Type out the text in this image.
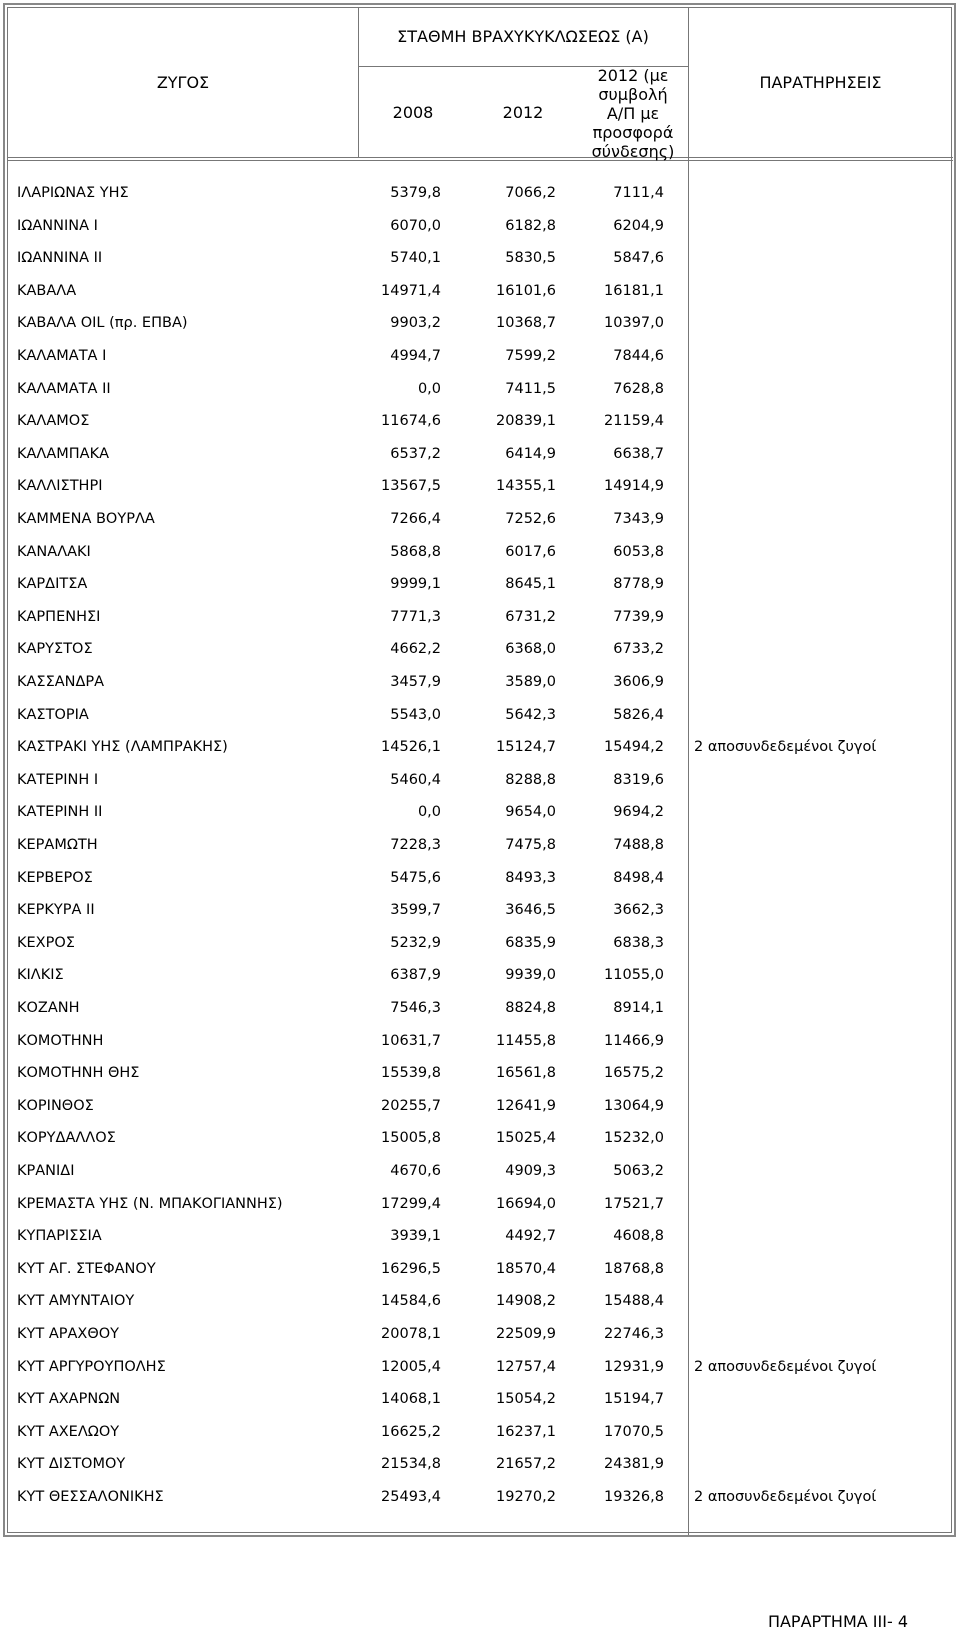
ΣΤΑΘΜΗ ΒΡΑΧΥΚΥΚΛΩΣΕΩΣ (Α)
ΖΥΓΟΣ
2008	2012
2012 (με
συμβολή
Α/Π με
προσφορά
σύνδεσης)
ΠΑΡΑΤΗΡΗΣΕΙΣ
ΙΛΑΡΙΩΝΑΣ ΥΗΣ	5379,8	7066,2	7111,4
ΙΩΑΝΝΙΝΑ Ι	6070,0	6182,8	6204,9
ΙΩΑΝΝΙΝΑ ΙΙ	5740,1	5830,5	5847,6
ΚΑΒΑΛΑ	14971,4	16101,6	16181,1
ΚΑΒΑΛΑ OIL (πρ. ΕΠΒΑ)	9903,2	10368,7	10397,0
ΚΑΛΑΜΑΤΑ Ι	4994,7	7599,2	7844,6
ΚΑΛΑΜΑΤΑ ΙΙ	0,0	7411,5	7628,8
ΚΑΛΑΜΟΣ	11674,6	20839,1	21159,4
ΚΑΛΑΜΠΑΚΑ	6537,2	6414,9	6638,7
ΚΑΛΛΙΣΤΗΡΙ	13567,5	14355,1	14914,9
ΚΑΜΜΕΝΑ ΒΟΥΡΛΑ	7266,4	7252,6	7343,9
ΚΑΝΑΛΑΚΙ	5868,8	6017,6	6053,8
ΚΑΡΔΙΤΣΑ	9999,1	8645,1	8778,9
ΚΑΡΠΕΝΗΣΙ	7771,3	6731,2	7739,9
ΚΑΡΥΣΤΟΣ	4662,2	6368,0	6733,2
ΚΑΣΣΑΝΔΡΑ	3457,9	3589,0	3606,9
ΚΑΣΤΟΡΙΑ	5543,0	5642,3	5826,4
ΚΑΣΤΡΑΚΙ ΥΗΣ (ΛΑΜΠΡΑΚΗΣ)	14526,1	15124,7	15494,2 2 αποσυνδεδεμένοι ζυγοί
ΚΑΤΕΡΙΝΗ Ι	5460,4	8288,8	8319,6
ΚΑΤΕΡΙΝΗ ΙΙ	0,0	9654,0	9694,2
ΚΕΡΑΜΩΤΗ	7228,3	7475,8	7488,8
ΚΕΡΒΕΡΟΣ	5475,6	8493,3	8498,4
ΚΕΡΚΥΡΑ ΙΙ	3599,7	3646,5	3662,3
ΚΕΧΡΟΣ	5232,9	6835,9	6838,3
ΚΙΛΚΙΣ	6387,9	9939,0	11055,0
ΚΟΖΑΝΗ	7546,3	8824,8	8914,1
ΚΟΜΟΤΗΝΗ	10631,7	11455,8	11466,9
ΚΟΜΟΤΗΝΗ ΘΗΣ	15539,8	16561,8	16575,2
ΚΟΡΙΝΘΟΣ	20255,7	12641,9	13064,9
ΚΟΡΥΔΑΛΛΟΣ	15005,8	15025,4	15232,0
ΚΡΑΝΙΔΙ	4670,6	4909,3	5063,2
ΚΡΕΜΑΣΤΑ ΥΗΣ (Ν. ΜΠΑΚΟΓΙΑΝΝΗΣ)	17299,4	16694,0	17521,7
ΚΥΠΑΡΙΣΣΙΑ	3939,1	4492,7	4608,8
ΚΥΤ ΑΓ. ΣΤΕΦΑΝΟΥ	16296,5	18570,4	18768,8
ΚΥΤ ΑΜΥΝΤΑΙΟΥ	14584,6	14908,2	15488,4
ΚΥΤ ΑΡΑΧΘΟΥ	20078,1	22509,9	22746,3
ΚΥΤ ΑΡΓΥΡΟΥΠΟΛΗΣ	12005,4	12757,4	12931,9 2 αποσυνδεδεμένοι ζυγοί
ΚΥΤ ΑΧΑΡΝΩΝ	14068,1	15054,2	15194,7
ΚΥΤ ΑΧΕΛΩΟΥ	16625,2	16237,1	17070,5
ΚΥΤ ΔΙΣΤΟΜΟΥ	21534,8	21657,2	24381,9
ΚΥΤ ΘΕΣΣΑΛΟΝΙΚΗΣ	25493,4	19270,2	19326,8 2 αποσυνδεδεμένοι ζυγοί
ΠΑΡΑΡΤΗΜΑ ΙΙΙ- 4
